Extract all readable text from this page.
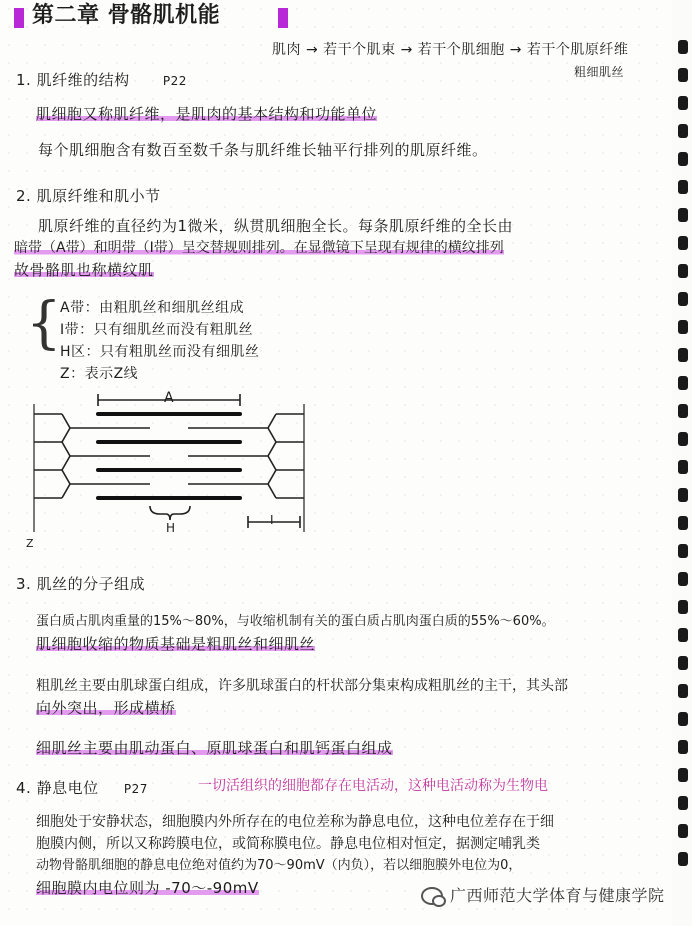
第二章 骨骼肌机能
肌肉 → 若干个肌束 → 若干个肌细胞 → 若干个肌原纤维
粗细肌丝
1. 肌纤维的结构	P22
肌细胞又称肌纤维，是肌肉的基本结构和功能单位
每个肌细胞含有数百至数千条与肌纤维长轴平行排列的肌原纤维。
2. 肌原纤维和肌小节
肌原纤维的直径约为1微米，纵贯肌细胞全长。每条肌原纤维的全长由
暗带（A带）和明带（I带）呈交替规则排列。在显微镜下呈现有规律的横纹排列
故骨骼肌也称横纹肌
{
A带：由粗肌丝和细肌丝组成
I带：只有细肌丝而没有粗肌丝
H区：只有粗肌丝而没有细肌丝
Z：表示Z线
A
H
I
Z
3. 肌丝的分子组成
蛋白质占肌肉重量的15%～80%，与收缩机制有关的蛋白质占肌肉蛋白质的55%～60%。
肌细胞收缩的物质基础是粗肌丝和细肌丝
粗肌丝主要由肌球蛋白组成，许多肌球蛋白的杆状部分集束构成粗肌丝的主干，其头部
向外突出，形成横桥
细肌丝主要由肌动蛋白、原肌球蛋白和肌钙蛋白组成
4. 静息电位 P27	一切活组织的细胞都存在电活动，这种电活动称为生物电
细胞处于安静状态，细胞膜内外所存在的电位差称为静息电位，这种电位差存在于细
胞膜内侧，所以又称跨膜电位，或简称膜电位。静息电位相对恒定，据测定哺乳类
动物骨骼肌细胞的静息电位绝对值约为70～90mV（内负），若以细胞膜外电位为0，
细胞膜内电位则为 -70～-90mV	广西师范大学体育与健康学院
